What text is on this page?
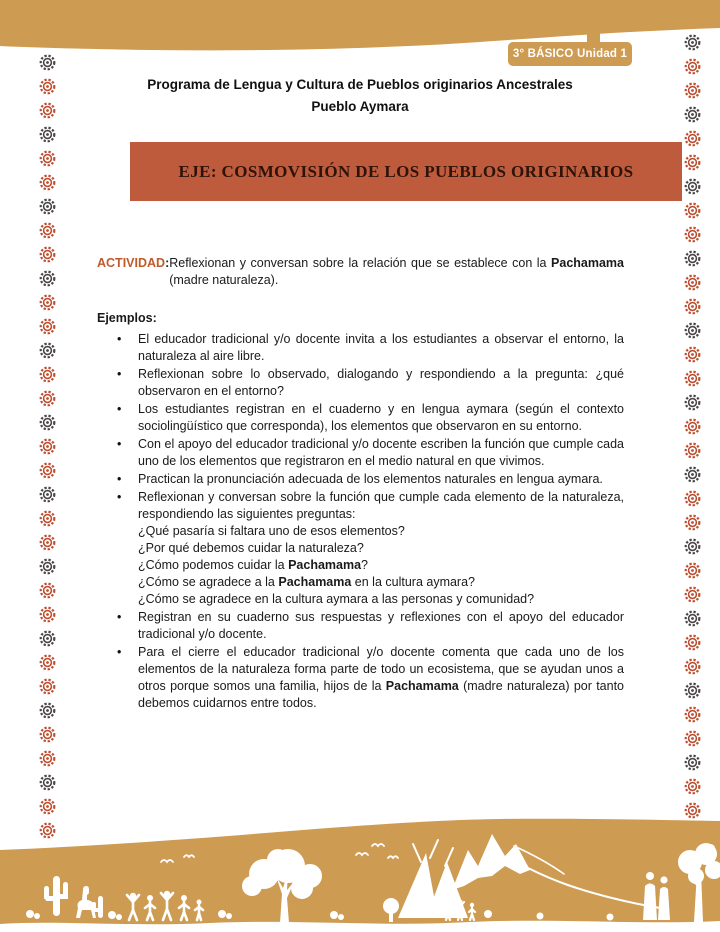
3° BÁSICO Unidad 1
Programa de Lengua y Cultura de Pueblos originarios Ancestrales
Pueblo Aymara
EJE: COSMOVISIÓN DE LOS PUEBLOS ORIGINARIOS
ACTIVIDAD: Reflexionan y conversan sobre la relación que se establece con la Pachamama (madre naturaleza).
Ejemplos:
• El educador tradicional y/o docente invita a los estudiantes a observar el entorno, la naturaleza al aire libre.
• Reflexionan sobre lo observado, dialogando y respondiendo a la pregunta: ¿qué observaron en el entorno?
• Los estudiantes registran en el cuaderno y en lengua aymara (según el contexto sociolingüístico que corresponda), los elementos que observaron en su entorno.
• Con el apoyo del educador tradicional y/o docente escriben la función que cumple cada uno de los elementos que registraron en el medio natural en que vivimos.
• Practican la pronunciación adecuada de los elementos naturales en lengua aymara.
• Reflexionan y conversan sobre la función que cumple cada elemento de la naturaleza, respondiendo las siguientes preguntas:
¿Qué pasaría si faltara uno de esos elementos?
¿Por qué debemos cuidar la naturaleza?
¿Cómo podemos cuidar la Pachamama?
¿Cómo se agradece a la Pachamama en la cultura aymara?
¿Cómo se agradece en la cultura aymara a las personas y comunidad?
• Registran en su cuaderno sus respuestas y reflexiones con el apoyo del educador tradicional y/o docente.
• Para el cierre el educador tradicional y/o docente comenta que cada uno de los elementos de la naturaleza forma parte de todo un ecosistema, que se ayudan unos a otros porque somos una familia, hijos de la Pachamama (madre naturaleza) por tanto debemos cuidarnos entre todos.
